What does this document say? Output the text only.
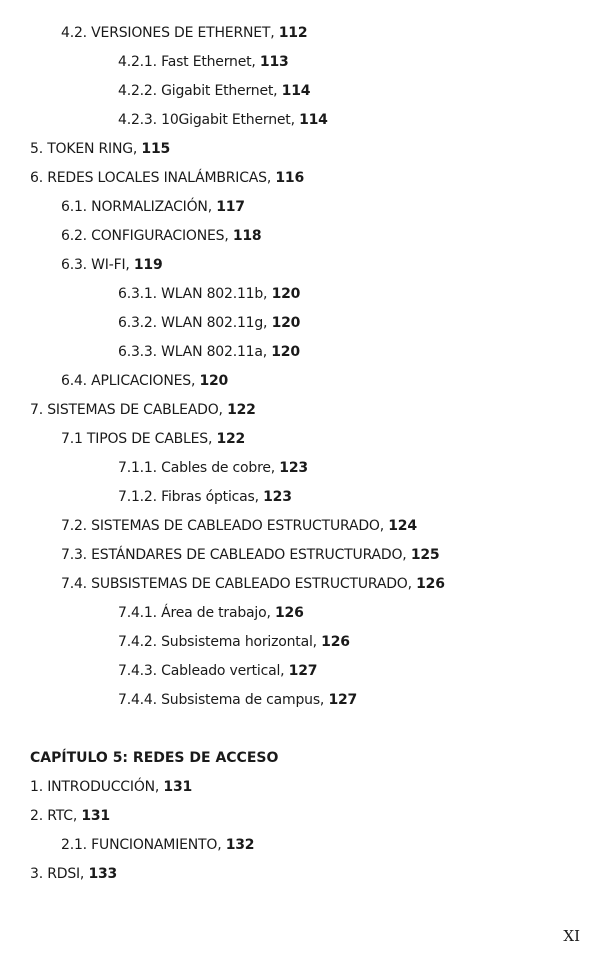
4.2. VERSIONES DE ETHERNET, 112
4.2.1. Fast Ethernet, 113
4.2.2. Gigabit Ethernet, 114
4.2.3. 10Gigabit Ethernet, 114
5. TOKEN RING, 115
6. REDES LOCALES INALÁMBRICAS, 116
6.1. NORMALIZACIÓN, 117
6.2. CONFIGURACIONES, 118
6.3. WI-FI, 119
6.3.1. WLAN 802.11b, 120
6.3.2. WLAN 802.11g, 120
6.3.3. WLAN 802.11a, 120
6.4. APLICACIONES, 120
7. SISTEMAS DE CABLEADO, 122
7.1 TIPOS DE CABLES, 122
7.1.1. Cables de cobre, 123
7.1.2. Fibras ópticas, 123
7.2. SISTEMAS DE CABLEADO ESTRUCTURADO, 124
7.3. ESTÁNDARES DE CABLEADO ESTRUCTURADO, 125
7.4. SUBSISTEMAS DE CABLEADO ESTRUCTURADO, 126
7.4.1. Área de trabajo, 126
7.4.2. Subsistema horizontal, 126
7.4.3. Cableado vertical, 127
7.4.4. Subsistema de campus, 127
CAPÍTULO 5: REDES DE ACCESO
1. INTRODUCCIÓN, 131
2. RTC, 131
2.1. FUNCIONAMIENTO, 132
3. RDSI, 133
XI
